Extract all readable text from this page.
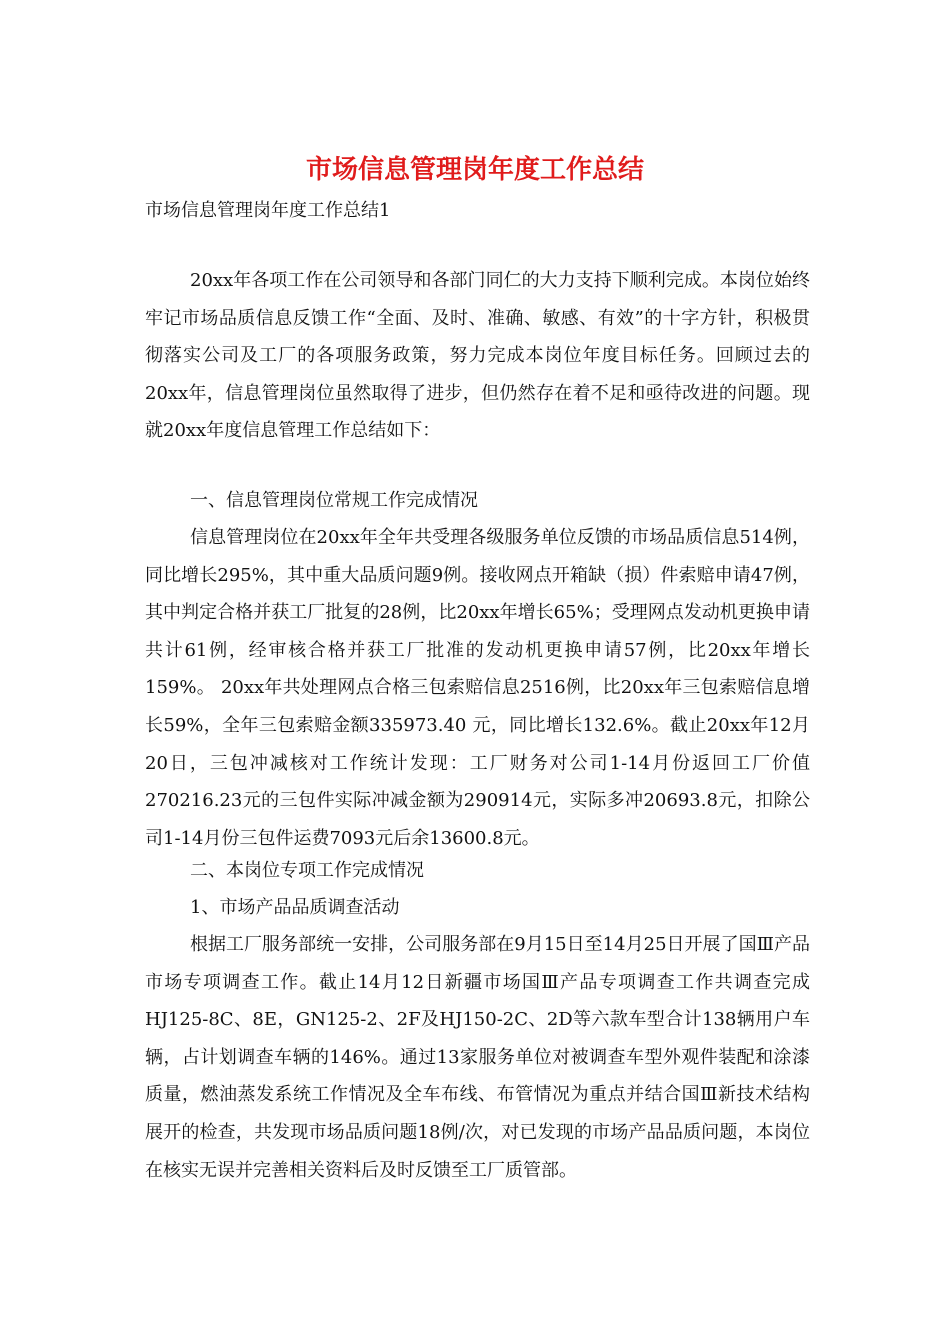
市场信息管理岗年度工作总结

市场信息管理岗年度工作总结1

20xx年各项工作在公司领导和各部门同仁的大力支持下顺利完成。本岗位始终牢记市场品质信息反馈工作“全面、及时、准确、敏感、有效”的十字方针，积极贯彻落实公司及工厂的各项服务政策，努力完成本岗位年度目标任务。回顾过去的20xx年，信息管理岗位虽然取得了进步，但仍然存在着不足和亟待改进的问题。现就20xx年度信息管理工作总结如下：

一、信息管理岗位常规工作完成情况

信息管理岗位在20xx年全年共受理各级服务单位反馈的市场品质信息514例，同比增长295%，其中重大品质问题9例。接收网点开箱缺（损）件索赔申请47例，其中判定合格并获工厂批复的28例，比20xx年增长65%；受理网点发动机更换申请共计61例，经审核合格并获工厂批准的发动机更换申请57例，比20xx年增长159%。 20xx年共处理网点合格三包索赔信息2516例，比20xx年三包索赔信息增长59%，全年三包索赔金额335973.40 元，同比增长132.6%。截止20xx年12月20日，三包冲减核对工作统计发现：工厂财务对公司1-14月份返回工厂价值270216.23元的三包件实际冲减金额为290914元，实际多冲20693.8元，扣除公司1-14月份三包件运费7093元后余13600.8元。

二、本岗位专项工作完成情况

1、市场产品品质调查活动

根据工厂服务部统一安排，公司服务部在9月15日至14月25日开展了国Ⅲ产品市场专项调查工作。截止14月12日新疆市场国Ⅲ产品专项调查工作共调查完成HJ125-8C、8E，GN125-2、2F及HJ150-2C、2D等六款车型合计138辆用户车辆，占计划调查车辆的146%。通过13家服务单位对被调查车型外观件装配和涂漆质量，燃油蒸发系统工作情况及全车布线、布管情况为重点并结合国Ⅲ新技术结构展开的检查，共发现市场品质问题18例/次，对已发现的市场产品品质问题，本岗位在核实无误并完善相关资料后及时反馈至工厂质管部。
